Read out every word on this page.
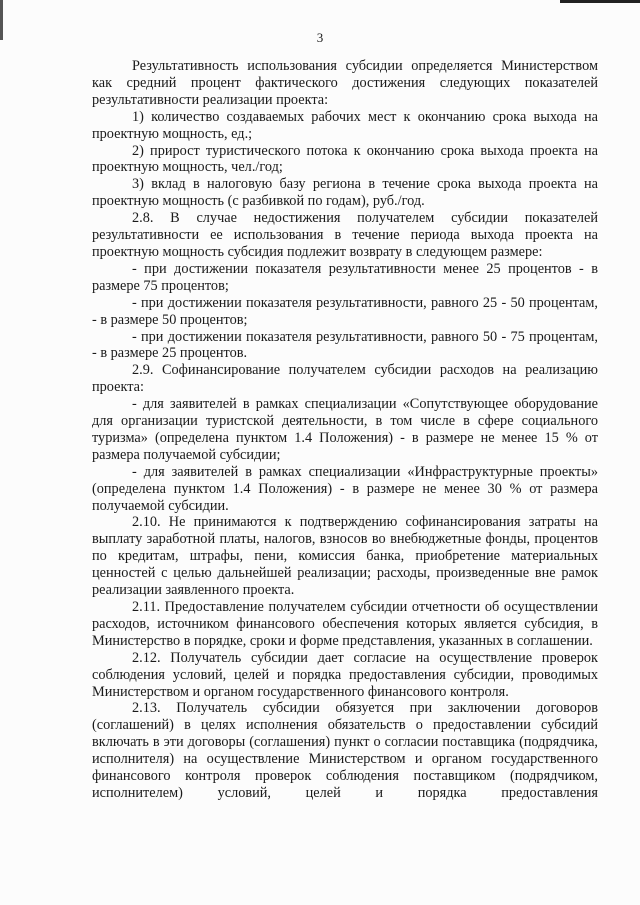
3

Результативность использования субсидии определяется Министерством как средний процент фактического достижения следующих показателей результативности реализации проекта:

1) количество создаваемых рабочих мест к окончанию срока выхода на проектную мощность, ед.;

2) прирост туристического потока к окончанию срока выхода проекта на проектную мощность, чел./год;

3) вклад в налоговую базу региона в течение срока выхода проекта на проектную мощность (с разбивкой по годам), руб./год.

2.8. В случае недостижения получателем субсидии показателей результативности ее использования в течение периода выхода проекта на проектную мощность субсидия подлежит возврату в следующем размере:

- при достижении показателя результативности менее 25 процентов - в размере 75 процентов;

- при достижении показателя результативности, равного 25 - 50 процентам, - в размере 50 процентов;

- при достижении показателя результативности, равного 50 - 75 процентам, - в размере 25 процентов.

2.9. Софинансирование получателем субсидии расходов на реализацию проекта:

- для заявителей в рамках специализации «Сопутствующее оборудование для организации туристской деятельности, в том числе в сфере социального туризма» (определена пунктом 1.4 Положения) - в размере не менее 15 % от размера получаемой субсидии;

- для заявителей в рамках специализации «Инфраструктурные проекты» (определена пунктом 1.4 Положения) - в размере не менее 30 % от размера получаемой субсидии.

2.10. Не принимаются к подтверждению софинансирования затраты на выплату заработной платы, налогов, взносов во внебюджетные фонды, процентов по кредитам, штрафы, пени, комиссия банка, приобретение материальных ценностей с целью дальнейшей реализации; расходы, произведенные вне рамок реализации заявленного проекта.

2.11. Предоставление получателем субсидии отчетности об осуществлении расходов, источником финансового обеспечения которых является субсидия, в Министерство в порядке, сроки и форме представления, указанных в соглашении.

2.12. Получатель субсидии дает согласие на осуществление проверок соблюдения условий, целей и порядка предоставления субсидии, проводимых Министерством и органом государственного финансового контроля.

2.13. Получатель субсидии обязуется при заключении договоров (соглашений) в целях исполнения обязательств о предоставлении субсидий включать в эти договоры (соглашения) пункт о согласии поставщика (подрядчика, исполнителя) на осуществление Министерством и органом государственного финансового контроля проверок соблюдения поставщиком (подрядчиком, исполнителем) условий, целей и порядка предоставления
